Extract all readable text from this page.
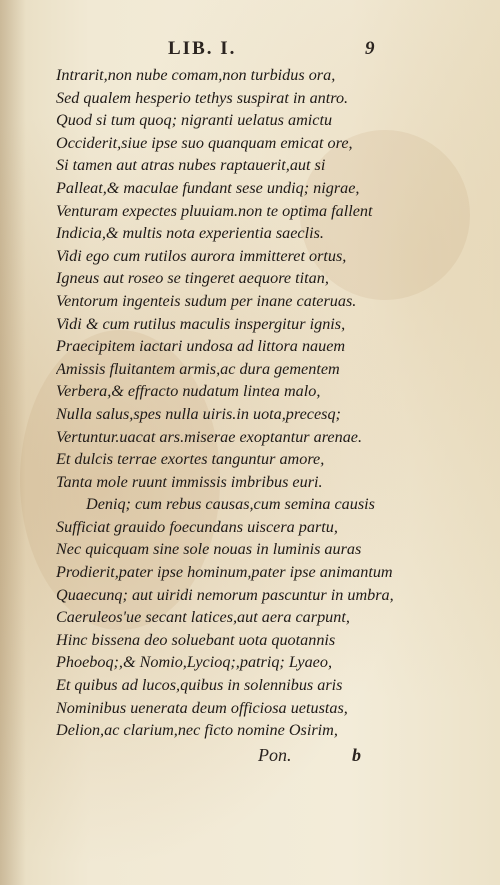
LIB. I.	9
Intrarit,non nube comam,non turbidus ora,
Sed qualem hesperio tethys suspirat in antro.
Quod si tum quoq; nigranti uelatus amictu
Occiderit,siue ipse suo quanquam emicat ore,
Si tamen aut atras nubes raptauerit,aut si
Palleat,& maculae fundant sese undiq; nigrae,
Venturam expectes pluuiam.non te optima fallent
Indicia,& multis nota experientia saeclis.
Vidi ego cum rutilos aurora immitteret ortus,
Igneus aut roseo se tingeret aequore titan,
Ventorum ingenteis sudum per inane cateruas.
Vidi & cum rutilus maculis inspergitur ignis,
Praecipitem iactari undosa ad littora nauem
Amissis fluitantem armis,ac dura gementem
Verbera,& effracto nudatum lintea malo,
Nulla salus,spes nulla uiris.in uota,precesq;
Vertuntur.uacat ars.miserae exoptantur arenae.
Et dulcis terrae exortes tanguntur amore,
Tanta mole ruunt immissis imbribus euri.
Deniq; cum rebus causas,cum semina causis
Sufficiat grauido foecundans uiscera partu,
Nec quicquam sine sole nouas in luminis auras
Prodierit,pater ipse hominum,pater ipse animantum
Quaecunq; aut uiridi nemorum pascuntur in umbra,
Caeruleos'ue secant latices,aut aera carpunt,
Hinc bissena deo soluebant uota quotannis
Phoeboq;,& Nomio,Lycioq;,patriq; Lyaeo,
Et quibus ad lucos,quibus in solennibus aris
Nominibus uenerata deum officiosa uetustas,
Delion,ac clarium,nec ficto nomine Osirim,
Pon.	b
